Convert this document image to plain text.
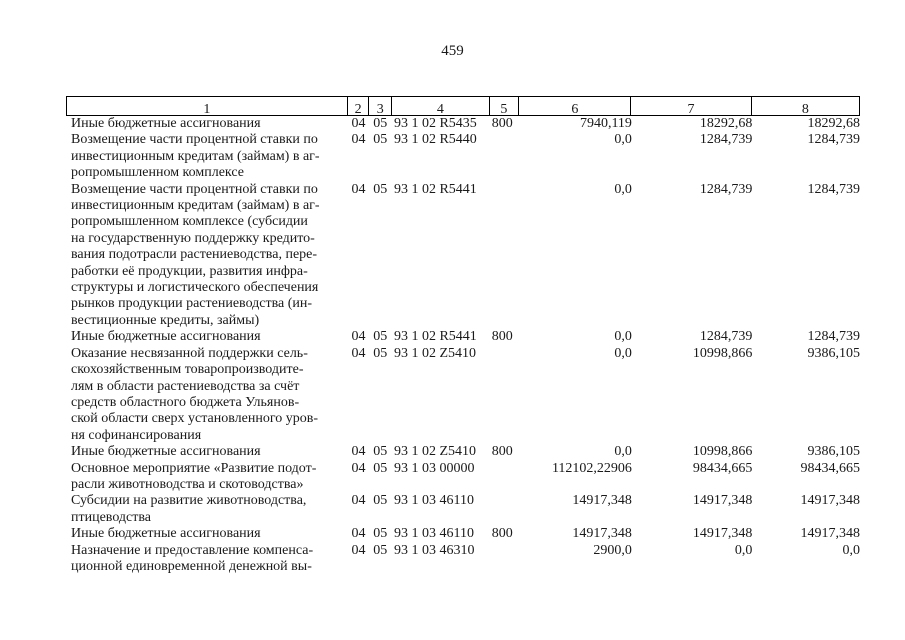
459
1	2	3	4	5	6	7	8
Иные бюджетные ассигнования	04 05 93 1 02 R5435	800	7940,119	18292,68	18292,68
Возмещение части процентной ставки по
инвестиционным кредитам (займам) в аг-
ропромышленном комплексе
04 05 93 1 02 R5440	0,0	1284,739	1284,739
Возмещение части процентной ставки по
инвестиционным кредитам (займам) в аг-
ропромышленном комплексе (субсидии
на государственную поддержку кредито-
вания подотрасли растениеводства, пере-
работки её продукции, развития инфра-
структуры и логистического обеспечения
рынков продукции растениеводства (ин-
вестиционные кредиты, займы)
04 05 93 1 02 R5441	0,0	1284,739	1284,739
Иные бюджетные ассигнования	04 05 93 1 02 R5441	800	0,0	1284,739	1284,739
Оказание несвязанной поддержки сель-
скохозяйственным товаропроизводите-
лям в области растениеводства за счёт
средств областного бюджета Ульянов-
ской области сверх установленного уров-
ня софинансирования
04 05 93 1 02 Z5410	0,0	10998,866	9386,105
Иные бюджетные ассигнования	04 05 93 1 02 Z5410	800	0,0	10998,866	9386,105
Основное мероприятие «Развитие подот-
расли животноводства и скотоводства»
04 05 93 1 03 00000	112102,22906	98434,665	98434,665
Субсидии на развитие животноводства,
птицеводства
04 05 93 1 03 46110	14917,348	14917,348	14917,348
Иные бюджетные ассигнования	04 05 93 1 03 46110	800	14917,348	14917,348	14917,348
Назначение и предоставление компенса-
ционной единовременной денежной вы-
04 05 93 1 03 46310	2900,0	0,0	0,0
